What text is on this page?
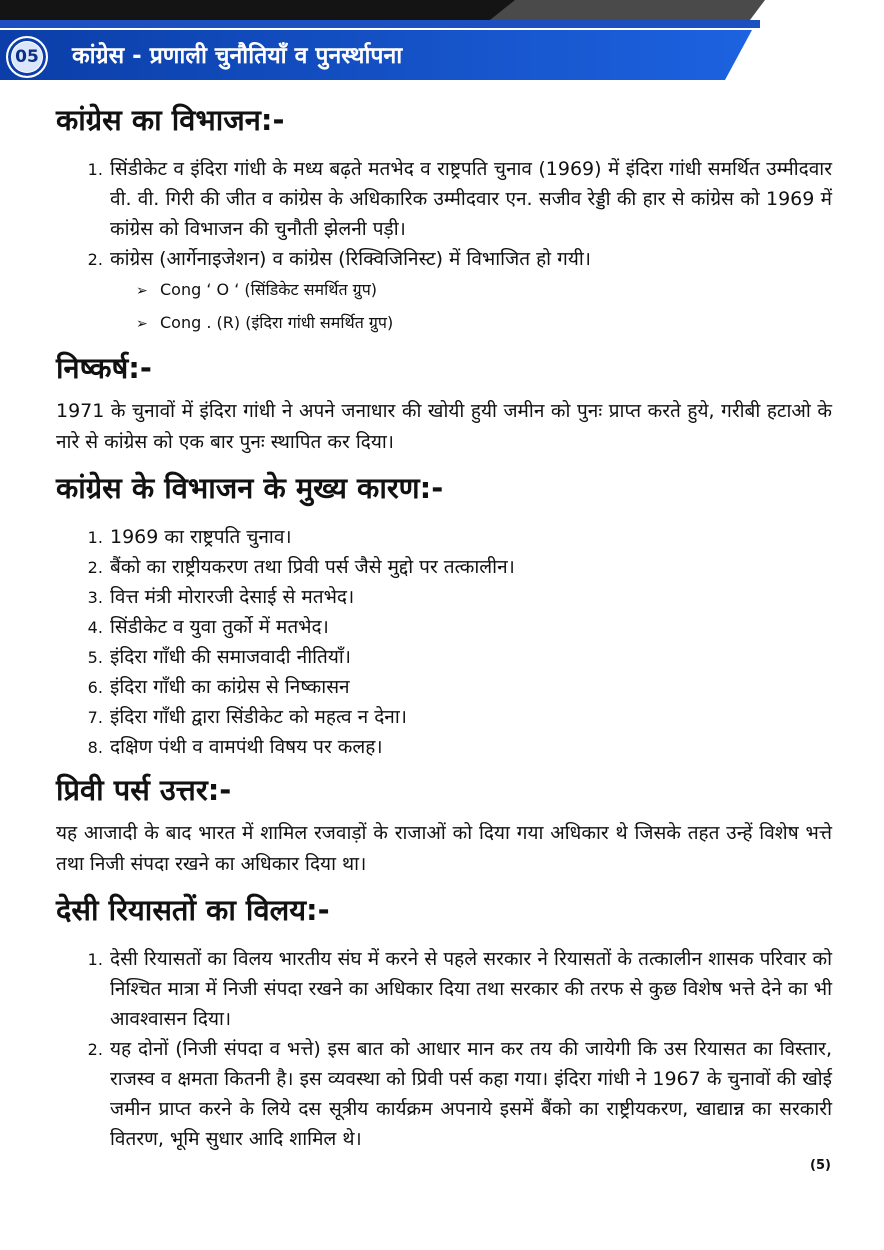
05	कांग्रेस - प्रणाली चुनौतियाँ व पुनर्स्थापना
कांग्रेस का विभाजन:-
1. सिंडीकेट व इंदिरा गांधी के मध्य बढ़ते मतभेद व राष्ट्रपति चुनाव (1969) में इंदिरा गांधी समर्थित उम्मीदवार वी. वी. गिरी की जीत व कांग्रेस के अधिकारिक उम्मीदवार एन. सजीव रेड्डी की हार से कांग्रेस को 1969 में कांग्रेस को विभाजन की चुनौती झेलनी पड़ी।
2. कांग्रेस (आर्गेनाइजेशन) व कांग्रेस (रिक्विजिनिस्ट) में विभाजित हो गयी।
➢ Cong ‘ O ‘ (सिंडिकेट समर्थित ग्रुप)
➢ Cong . (R) (इंदिरा गांधी समर्थित ग्रुप)
निष्कर्ष:-

1971 के चुनावों में इंदिरा गांधी ने अपने जनाधार की खोयी हुयी जमीन को पुनः प्राप्त करते हुये, गरीबी हटाओ के नारे से कांग्रेस को एक बार पुनः स्थापित कर दिया।

कांग्रेस के विभाजन के मुख्य कारण:-
1. 1969 का राष्ट्रपति चुनाव।
2. बैंको का राष्ट्रीयकरण तथा प्रिवी पर्स जैसे मुद्दो पर तत्कालीन।
3. वित्त मंत्री मोरारजी देसाई से मतभेद।
4. सिंडीकेट व युवा तुर्को में मतभेद।
5. इंदिरा गाँधी की समाजवादी नीतियाँ।
6. इंदिरा गाँधी का कांग्रेस से निष्कासन
7. इंदिरा गाँधी द्वारा सिंडीकेट को महत्व न देना।
8. दक्षिण पंथी व वामपंथी विषय पर कलह।
प्रिवी पर्स उत्तर:-

यह आजादी के बाद भारत में शामिल रजवाड़ों के राजाओं को दिया गया अधिकार थे जिसके तहत उन्हें विशेष भत्ते तथा निजी संपदा रखने का अधिकार दिया था।

देसी रियासतों का विलय:-
1. देसी रियासतों का विलय भारतीय संघ में करने से पहले सरकार ने रियासतों के तत्कालीन शासक परिवार को निश्चित मात्रा में निजी संपदा रखने का अधिकार दिया तथा सरकार की तरफ से कुछ विशेष भत्ते देने का भी आवश्वासन दिया।
2. यह दोनों (निजी संपदा व भत्ते) इस बात को आधार मान कर तय की जायेगी कि उस रियासत का विस्तार, राजस्व व क्षमता कितनी है। इस व्यवस्था को प्रिवी पर्स कहा गया। इंदिरा गांधी ने 1967 के चुनावों की खोई जमीन प्राप्त करने के लिये दस सूत्रीय कार्यक्रम अपनाये इसमें बैंको का राष्ट्रीयकरण, खाद्यान्न का सरकारी वितरण, भूमि सुधार आदि शामिल थे।
(5)
